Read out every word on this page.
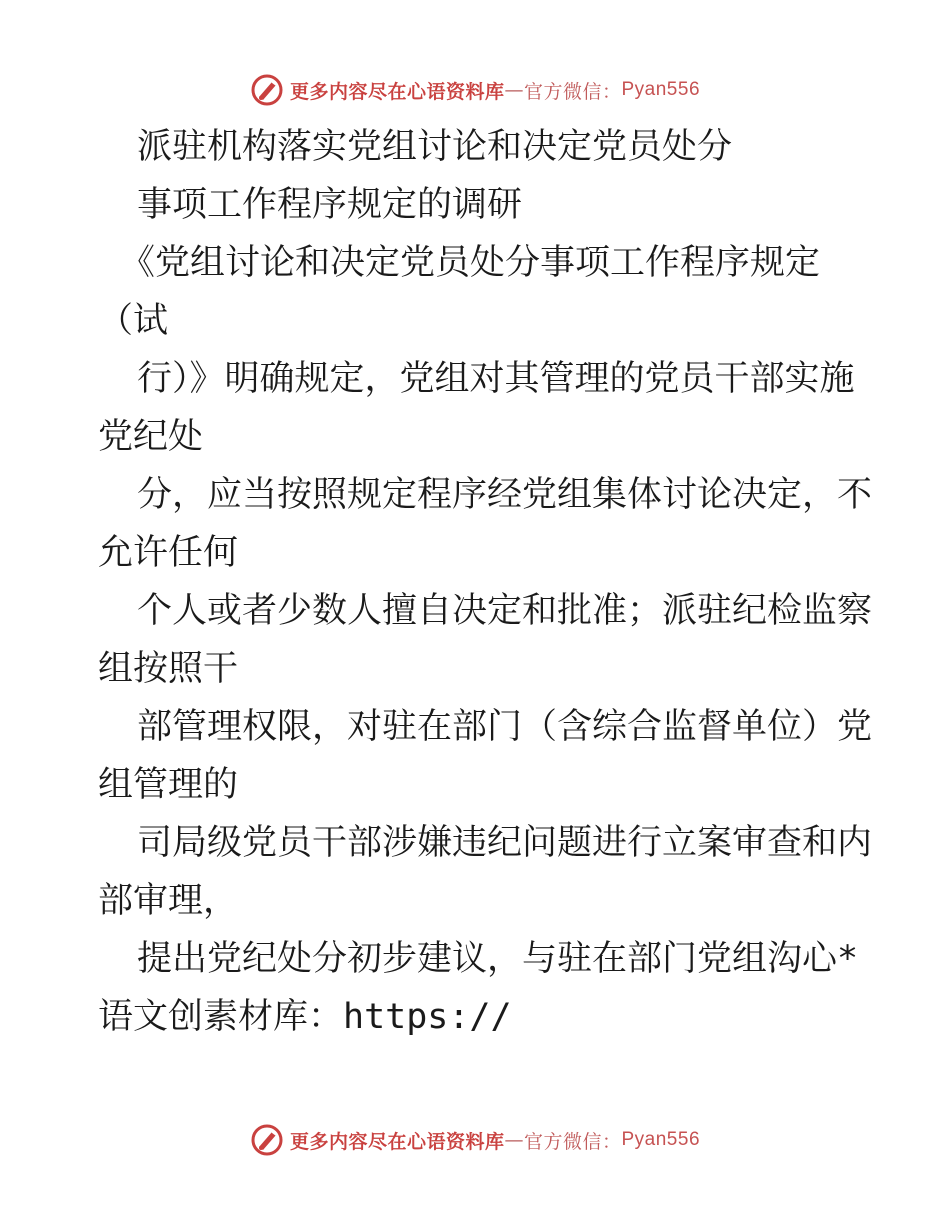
更多内容尽在心语资料库 — 官方微信： Pyan556
派驻机构落实党组讨论和决定党员处分
事项工作程序规定的调研
《党组讨论和决定党员处分事项工作程序规定
（试
行）》明确规定，党组对其管理的党员干部实施
党纪处
分，应当按照规定程序经党组集体讨论决定，不
允许任何
个人或者少数人擅自决定和批准；派驻纪检监察
组按照干
部管理权限，对驻在部门（含综合监督单位）党
组管理的
司局级党员干部涉嫌违纪问题进行立案审查和内
部审理，
提出党纪处分初步建议，与驻在部门党组沟心*
语文创素材库：https://
更多内容尽在心语资料库 — 官方微信： Pyan556
